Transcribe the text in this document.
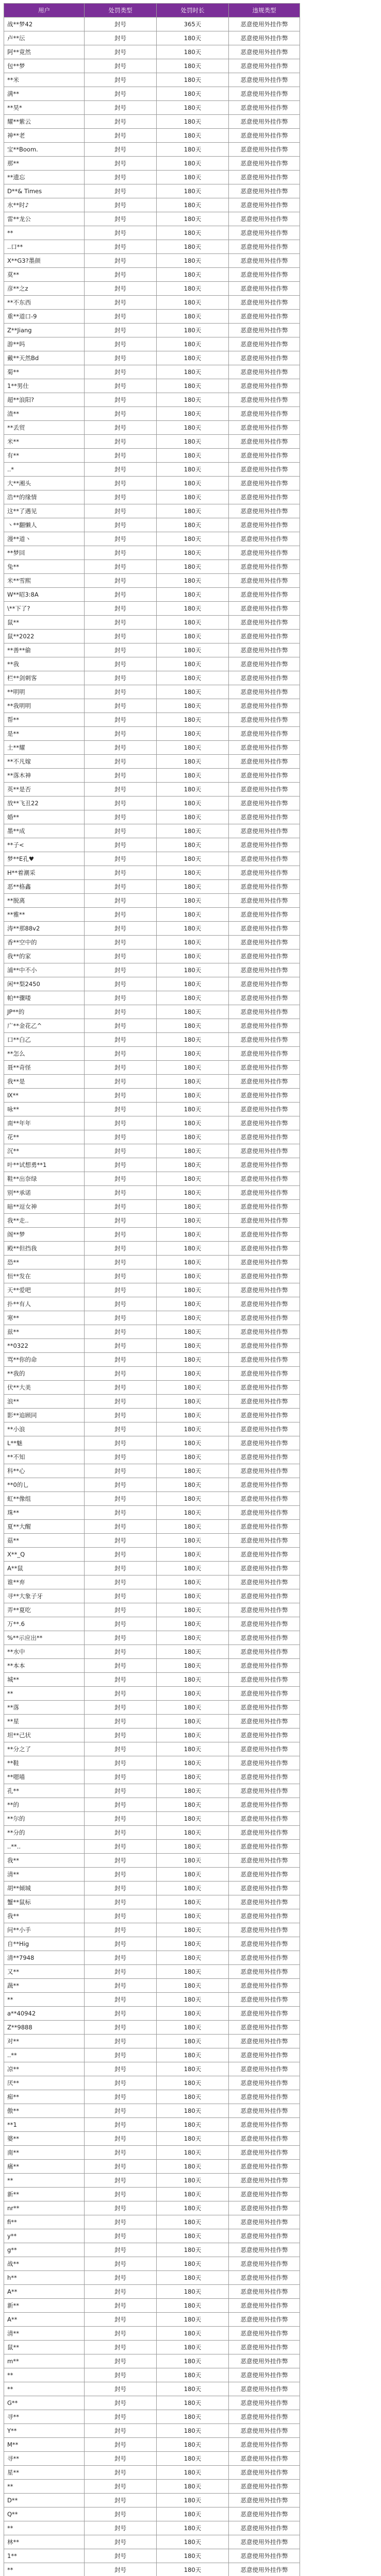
用户	处罚类型	处罚时长	违规类型
战**梦42	封号	365天	恶意使用外挂作弊
卢**沄	封号	180天	恶意使用外挂作弊
阿**竟然	封号	180天	恶意使用外挂作弊
包**梦	封号	180天	恶意使用外挂作弊
**米	封号	180天	恶意使用外挂作弊
满**	封号	180天	恶意使用外挂作弊
**昊*	封号	180天	恶意使用外挂作弊
耀**紫云	封号	180天	恶意使用外挂作弊
神**老	封号	180天	恶意使用外挂作弊
宝**Boom.	封号	180天	恶意使用外挂作弊
那**	封号	180天	恶意使用外挂作弊
**遗忘	封号	180天	恶意使用外挂作弊
D**& Times	封号	180天	恶意使用外挂作弊
水**时♪	封号	180天	恶意使用外挂作弊
雷**龙公	封号	180天	恶意使用外挂作弊
**	封号	180天	恶意使用外挂作弊
..口**	封号	180天	恶意使用外挂作弊
X**G3?墨颜	封号	180天	恶意使用外挂作弊
莫**	封号	180天	恶意使用外挂作弊
彦**之z	封号	180天	恶意使用外挂作弊
**不东西	封号	180天	恶意使用外挂作弊
重**道口-9	封号	180天	恶意使用外挂作弊
Z**Jiang	封号	180天	恶意使用外挂作弊
游**吗	封号	180天	恶意使用外挂作弊
戴**天然Bd	封号	180天	恶意使用外挂作弊
菊**	封号	180天	恶意使用外挂作弊
1**男仕	封号	180天	恶意使用外挂作弊
超**浪阳?	封号	180天	恶意使用外挂作弊
渣**	封号	180天	恶意使用外挂作弊
**丢贸	封号	180天	恶意使用外挂作弊
米**	封号	180天	恶意使用外挂作弊
有**	封号	180天	恶意使用外挂作弊
..*	封号	180天	恶意使用外挂作弊
大**湘头	封号	180天	恶意使用外挂作弊
浩**的缘情	封号	180天	恶意使用外挂作弊
这**了遇见	封号	180天	恶意使用外挂作弊
丶**翻懒人	封号	180天	恶意使用外挂作弊
漫**道丶	封号	180天	恶意使用外挂作弊
**梦回	封号	180天	恶意使用外挂作弊
兔**	封号	180天	恶意使用外挂作弊
米**雪熙	封号	180天	恶意使用外挂作弊
W**昭3:8A	封号	180天	恶意使用外挂作弊
\**下了?	封号	180天	恶意使用外挂作弊
鼠**	封号	180天	恶意使用外挂作弊
鼠**2022	封号	180天	恶意使用外挂作弊
**善**偷	封号	180天	恶意使用外挂作弊
**我	封号	180天	恶意使用外挂作弊
栏**剑刺客	封号	180天	恶意使用外挂作弊
**明明	封号	180天	恶意使用外挂作弊
**我明明	封号	180天	恶意使用外挂作弊
帮**	封号	180天	恶意使用外挂作弊
是**	封号	180天	恶意使用外挂作弊
土**耀	封号	180天	恶意使用外挂作弊
**不凡嫁	封号	180天	恶意使用外挂作弊
**落木神	封号	180天	恶意使用外挂作弊
英**是否	封号	180天	恶意使用外挂作弊
放**飞丑22	封号	180天	恶意使用外挂作弊
婚**	封号	180天	恶意使用外挂作弊
墨**成	封号	180天	恶意使用外挂作弊
**子<	封号	180天	恶意使用外挂作弊
梦**E孔♥	封号	180天	恶意使用外挂作弊
H**着潮采	封号	180天	恶意使用外挂作弊
恶**格鑫	封号	180天	恶意使用外挂作弊
**脱离	封号	180天	恶意使用外挂作弊
**雅**	封号	180天	恶意使用外挂作弊
涛**那88v2	封号	180天	恶意使用外挂作弊
香**空中的	封号	180天	恶意使用外挂作弊
我**的家	封号	180天	恶意使用外挂作弊
浦**中不小	封号	180天	恶意使用外挂作弊
闲**梨2450	封号	180天	恶意使用外挂作弊
帕**骤喽	封号	180天	恶意使用外挂作弊
JP**的	封号	180天	恶意使用外挂作弊
广**金花乙^	封号	180天	恶意使用外挂作弊
口**白乙	封号	180天	恶意使用外挂作弊
**怎么	封号	180天	恶意使用外挂作弊
聂**奇怪	封号	180天	恶意使用外挂作弊
我**是	封号	180天	恶意使用外挂作弊
Ⅸ**	封号	180天	恶意使用外挂作弊
咏**	封号	180天	恶意使用外挂作弊
南**年年	封号	180天	恶意使用外挂作弊
花**	封号	180天	恶意使用外挂作弊
沉**	封号	180天	恶意使用外挂作弊
叶**试想勇**1	封号	180天	恶意使用外挂作弊
鞋**出奈绿	封号	180天	恶意使用外挂作弊
别**承诺	封号	180天	恶意使用外挂作弊
暗**逗女神	封号	180天	恶意使用外挂作弊
我**走..	封号	180天	恶意使用外挂作弊
阁**梦	封号	180天	恶意使用外挂作弊
殿**但挡我	封号	180天	恶意使用外挂作弊
恐**	封号	180天	恶意使用外挂作弊
恒**发在	封号	180天	恶意使用外挂作弊
天**爱吧	封号	180天	恶意使用外挂作弊
扑**有人	封号	180天	恶意使用外挂作弊
寒**	封号	180天	恶意使用外挂作弊
兹**	封号	180天	恶意使用外挂作弊
**0322	封号	180天	恶意使用外挂作弊
骂**你的命	封号	180天	恶意使用外挂作弊
**我的	封号	180天	恶意使用外挂作弊
伏**大美	封号	180天	恶意使用外挂作弊
浪**	封号	180天	恶意使用外挂作弊
影**追顾同	封号	180天	恶意使用外挂作弊
**小浪	封号	180天	恶意使用外挂作弊
L**魅	封号	180天	恶意使用外挂作弊
**不知	封号	180天	恶意使用外挂作弊
科**心	封号	180天	恶意使用外挂作弊
**0的乚	封号	180天	恶意使用外挂作弊
虹**像组	封号	180天	恶意使用外挂作弊
珠**	封号	180天	恶意使用外挂作弊
夏**大醒	封号	180天	恶意使用外挂作弊
菇**	封号	180天	恶意使用外挂作弊
X**_Q	封号	180天	恶意使用外挂作弊
A**鼠	封号	180天	恶意使用外挂作弊
谁**弃	封号	180天	恶意使用外挂作弊
寻**大象子牙	封号	180天	恶意使用外挂作弊
弄**夏吃	封号	180天	恶意使用外挂作弊
万**.6	封号	180天	恶意使用外挂作弊
%**示应出**	封号	180天	恶意使用外挂作弊
**水中	封号	180天	恶意使用外挂作弊
**本本	封号	180天	恶意使用外挂作弊
城**	封号	180天	恶意使用外挂作弊
**	封号	180天	恶意使用外挂作弊
**落	封号	180天	恶意使用外挂作弊
**星	封号	180天	恶意使用外挂作弊
坦**己状	封号	180天	恶意使用外挂作弊
**分之了	封号	180天	恶意使用外挂作弊
**鞋	封号	180天	恶意使用外挂作弊
**嗯喵	封号	180天	恶意使用外挂作弊
孔**	封号	180天	恶意使用外挂作弊
**的	封号	180天	恶意使用外挂作弊
**尔的	封号	180天	恶意使用外挂作弊
**分的	封号	180天	恶意使用外挂作弊
..**..	封号	180天	恶意使用外挂作弊
我**	封号	180天	恶意使用外挂作弊
清**	封号	180天	恶意使用外挂作弊
胡**倾城	封号	180天	恶意使用外挂作弊
蟹**鼠标	封号	180天	恶意使用外挂作弊
我**	封号	180天	恶意使用外挂作弊
问**小手	封号	180天	恶意使用外挂作弊
自**Hig	封号	180天	恶意使用外挂作弊
清**7948	封号	180天	恶意使用外挂作弊
又**	封号	180天	恶意使用外挂作弊
蔬**	封号	180天	恶意使用外挂作弊
**	封号	180天	恶意使用外挂作弊
a**40942	封号	180天	恶意使用外挂作弊
Z**9888	封号	180天	恶意使用外挂作弊
对**	封号	180天	恶意使用外挂作弊
..**	封号	180天	恶意使用外挂作弊
凉**	封号	180天	恶意使用外挂作弊
厌**	封号	180天	恶意使用外挂作弊
痴**	封号	180天	恶意使用外挂作弊
傲**	封号	180天	恶意使用外挂作弊
**1	封号	180天	恶意使用外挂作弊
婆**	封号	180天	恶意使用外挂作弊
南**	封号	180天	恶意使用外挂作弊
痛**	封号	180天	恶意使用外挂作弊
**	封号	180天	恶意使用外挂作弊
新**	封号	180天	恶意使用外挂作弊
nr**	封号	180天	恶意使用外挂作弊
fi**	封号	180天	恶意使用外挂作弊
y**	封号	180天	恶意使用外挂作弊
g**	封号	180天	恶意使用外挂作弊
战**	封号	180天	恶意使用外挂作弊
h**	封号	180天	恶意使用外挂作弊
A**	封号	180天	恶意使用外挂作弊
新**	封号	180天	恶意使用外挂作弊
A**	封号	180天	恶意使用外挂作弊
清**	封号	180天	恶意使用外挂作弊
鼠**	封号	180天	恶意使用外挂作弊
m**	封号	180天	恶意使用外挂作弊
**	封号	180天	恶意使用外挂作弊
**	封号	180天	恶意使用外挂作弊
G**	封号	180天	恶意使用外挂作弊
寻**	封号	180天	恶意使用外挂作弊
Y**	封号	180天	恶意使用外挂作弊
M**	封号	180天	恶意使用外挂作弊
寻**	封号	180天	恶意使用外挂作弊
星**	封号	180天	恶意使用外挂作弊
**	封号	180天	恶意使用外挂作弊
D**	封号	180天	恶意使用外挂作弊
Q**	封号	180天	恶意使用外挂作弊
**	封号	180天	恶意使用外挂作弊
林**	封号	180天	恶意使用外挂作弊
1**	封号	180天	恶意使用外挂作弊
**	封号	180天	恶意使用外挂作弊
